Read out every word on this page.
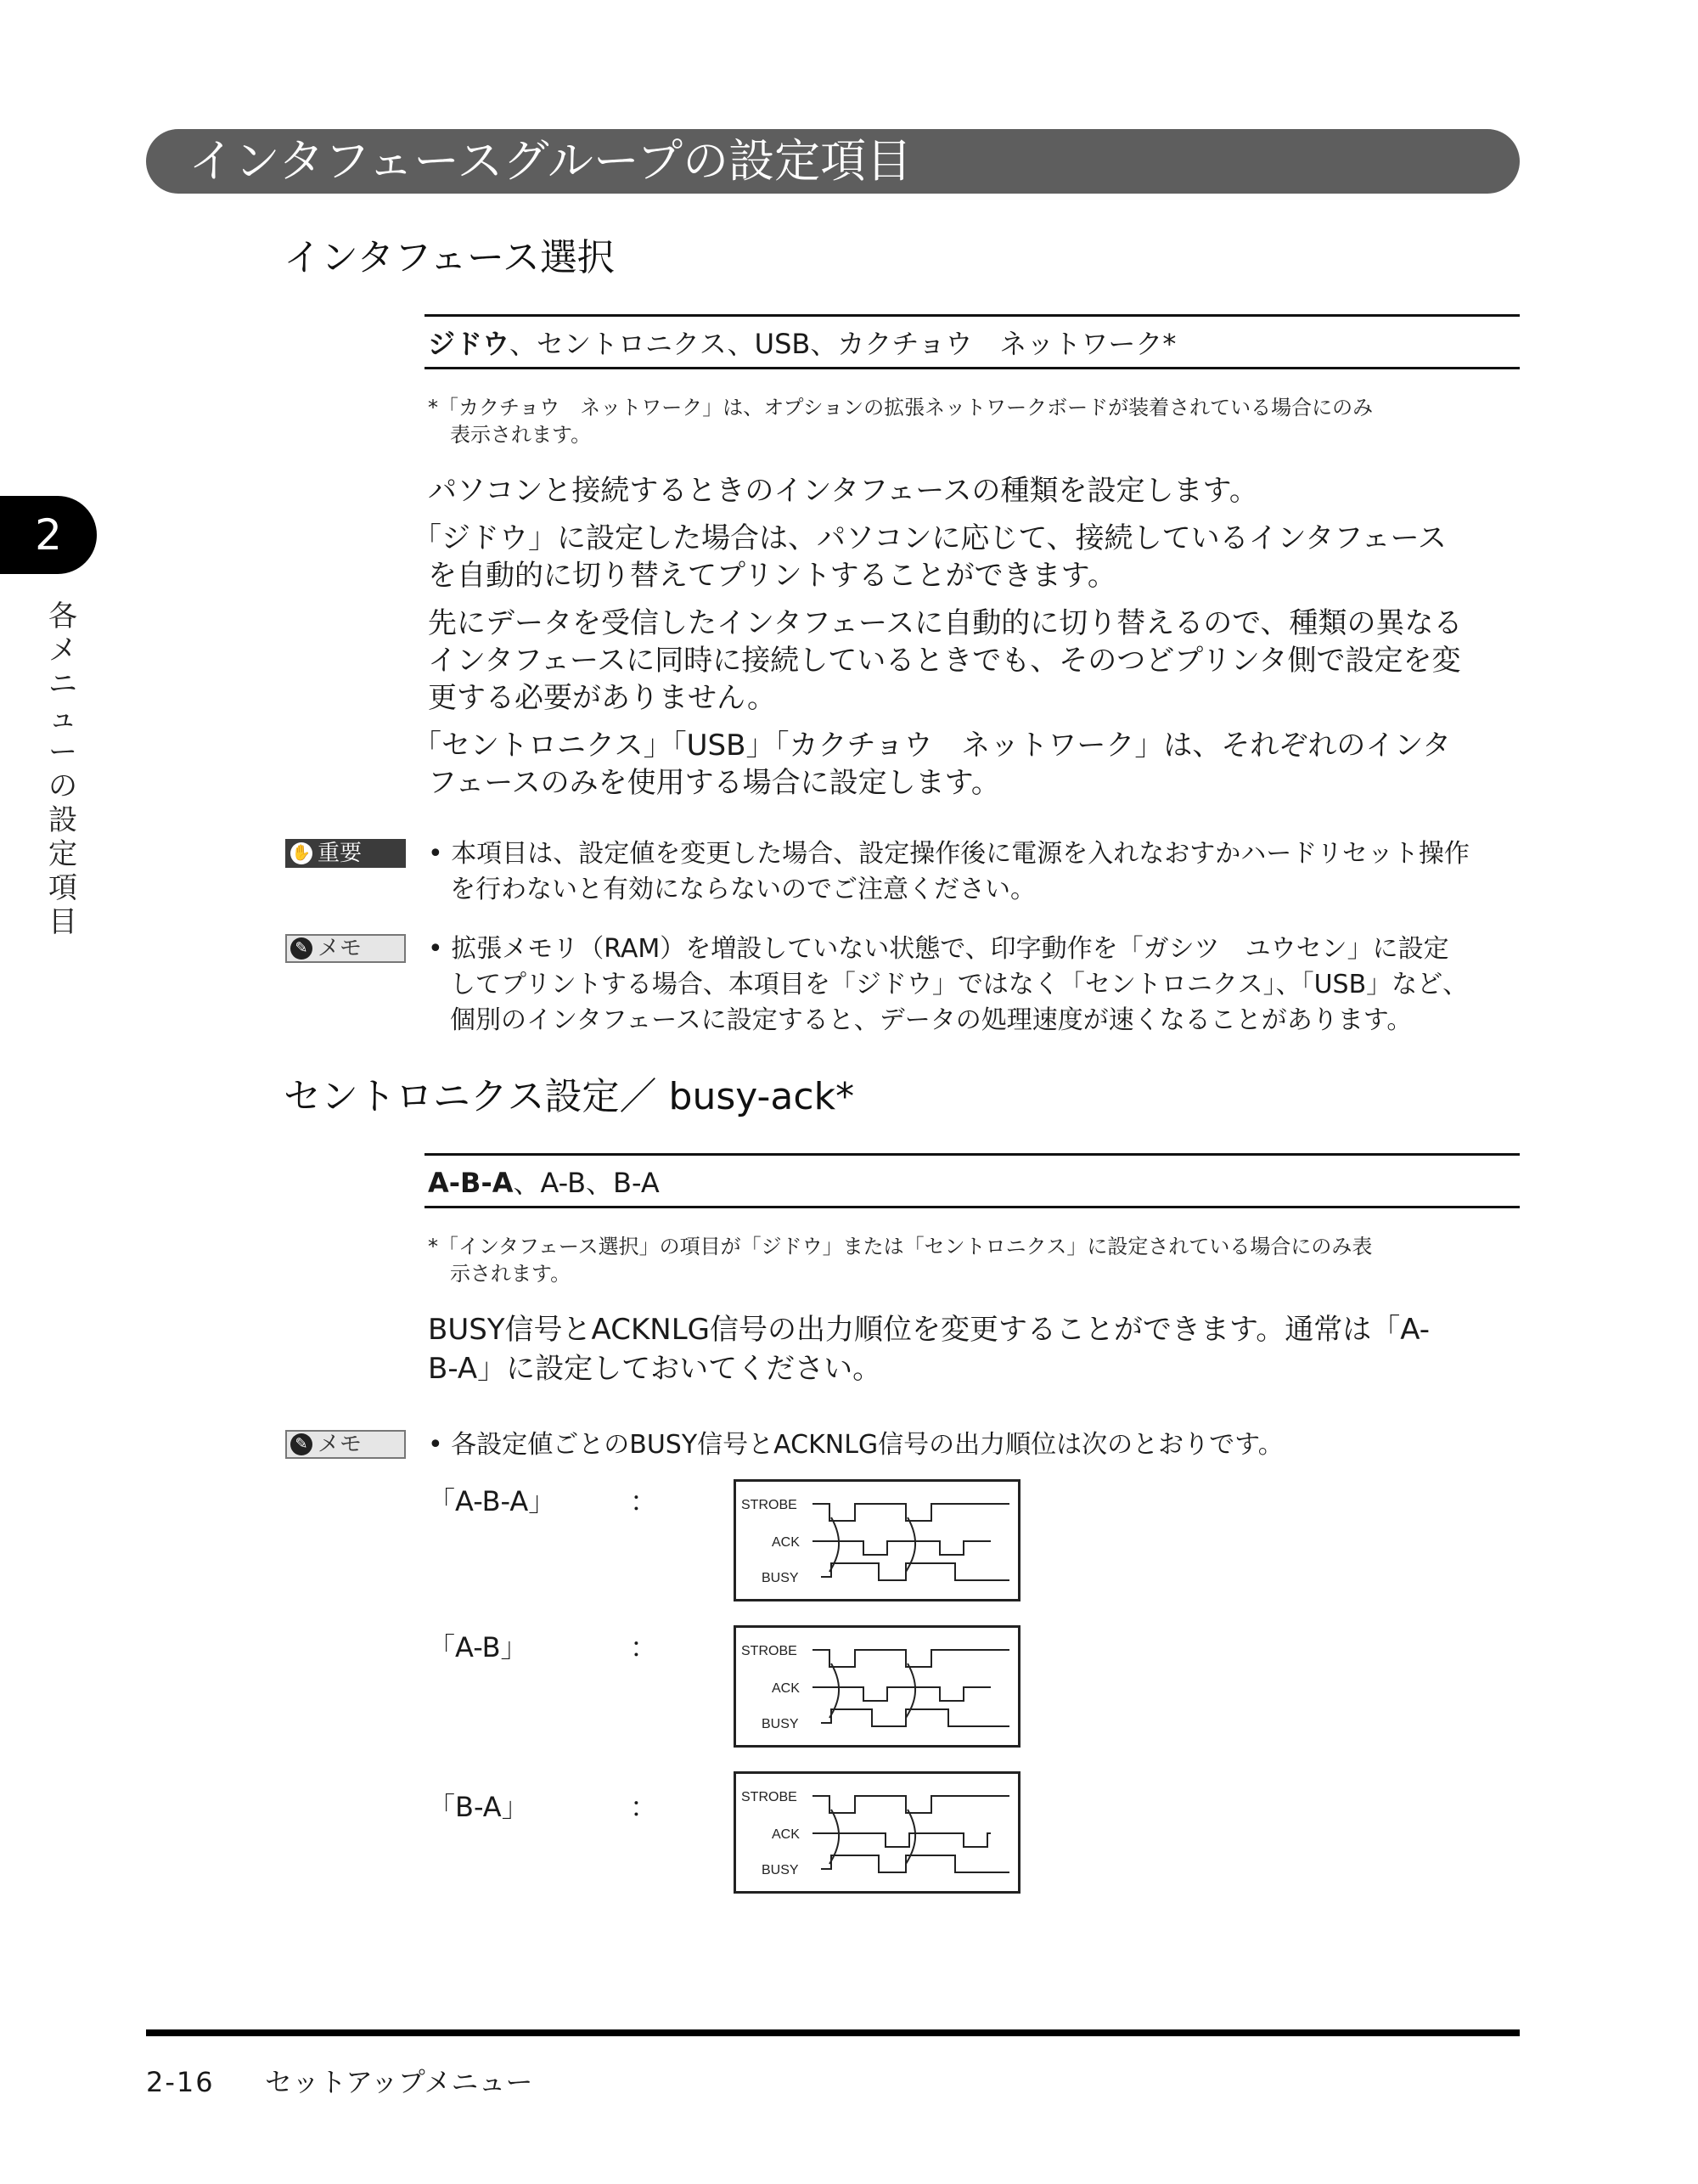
インタフェースグループの設定項目
2
各
メ
ニ
ュ
ー
の
設
定
項
目
インタフェース選択
ジドウ、セントロニクス、USB、カクチョウ　ネットワーク*
*「カクチョウ　ネットワーク」は、オプションの拡張ネットワークボードが装着されている場合にのみ
表示されます。
パソコンと接続するときのインタフェースの種類を設定します。
「ジドウ」に設定した場合は、パソコンに応じて、接続しているインタフェース
を自動的に切り替えてプリントすることができます。
先にデータを受信したインタフェースに自動的に切り替えるので、種類の異なる
インタフェースに同時に接続しているときでも、そのつどプリンタ側で設定を変
更する必要がありません。
「セントロニクス」「USB」「カクチョウ　ネットワーク」は、それぞれのインタ
フェースのみを使用する場合に設定します。
✋ 重要	• 本項目は、設定値を変更した場合、設定操作後に電源を入れなおすかハードリセット操作
を行わないと有効にならないのでご注意ください。
✎ メモ	• 拡張メモリ（RAM）を増設していない状態で、印字動作を「ガシツ　ユウセン」に設定
してプリントする場合、本項目を「ジドウ」ではなく「セントロニクス」、「USB」など、
個別のインタフェースに設定すると、データの処理速度が速くなることがあります。
セントロニクス設定／ busy-ack*
A-B-A、A-B、B-A
*「インタフェース選択」の項目が「ジドウ」または「セントロニクス」に設定されている場合にのみ表
示されます。
BUSY信号とACKNLG信号の出力順位を変更することができます。通常は「A-
B-A」に設定しておいてください。
✎ メモ	• 各設定値ごとのBUSY信号とACKNLG信号の出力順位は次のとおりです。
「A-B-A」	：	STROBE
ACK
BUSY
「A-B」	：	STROBE
ACK
BUSY
「B-A」	：	STROBE
ACK
BUSY
2-16 セットアップメニュー
